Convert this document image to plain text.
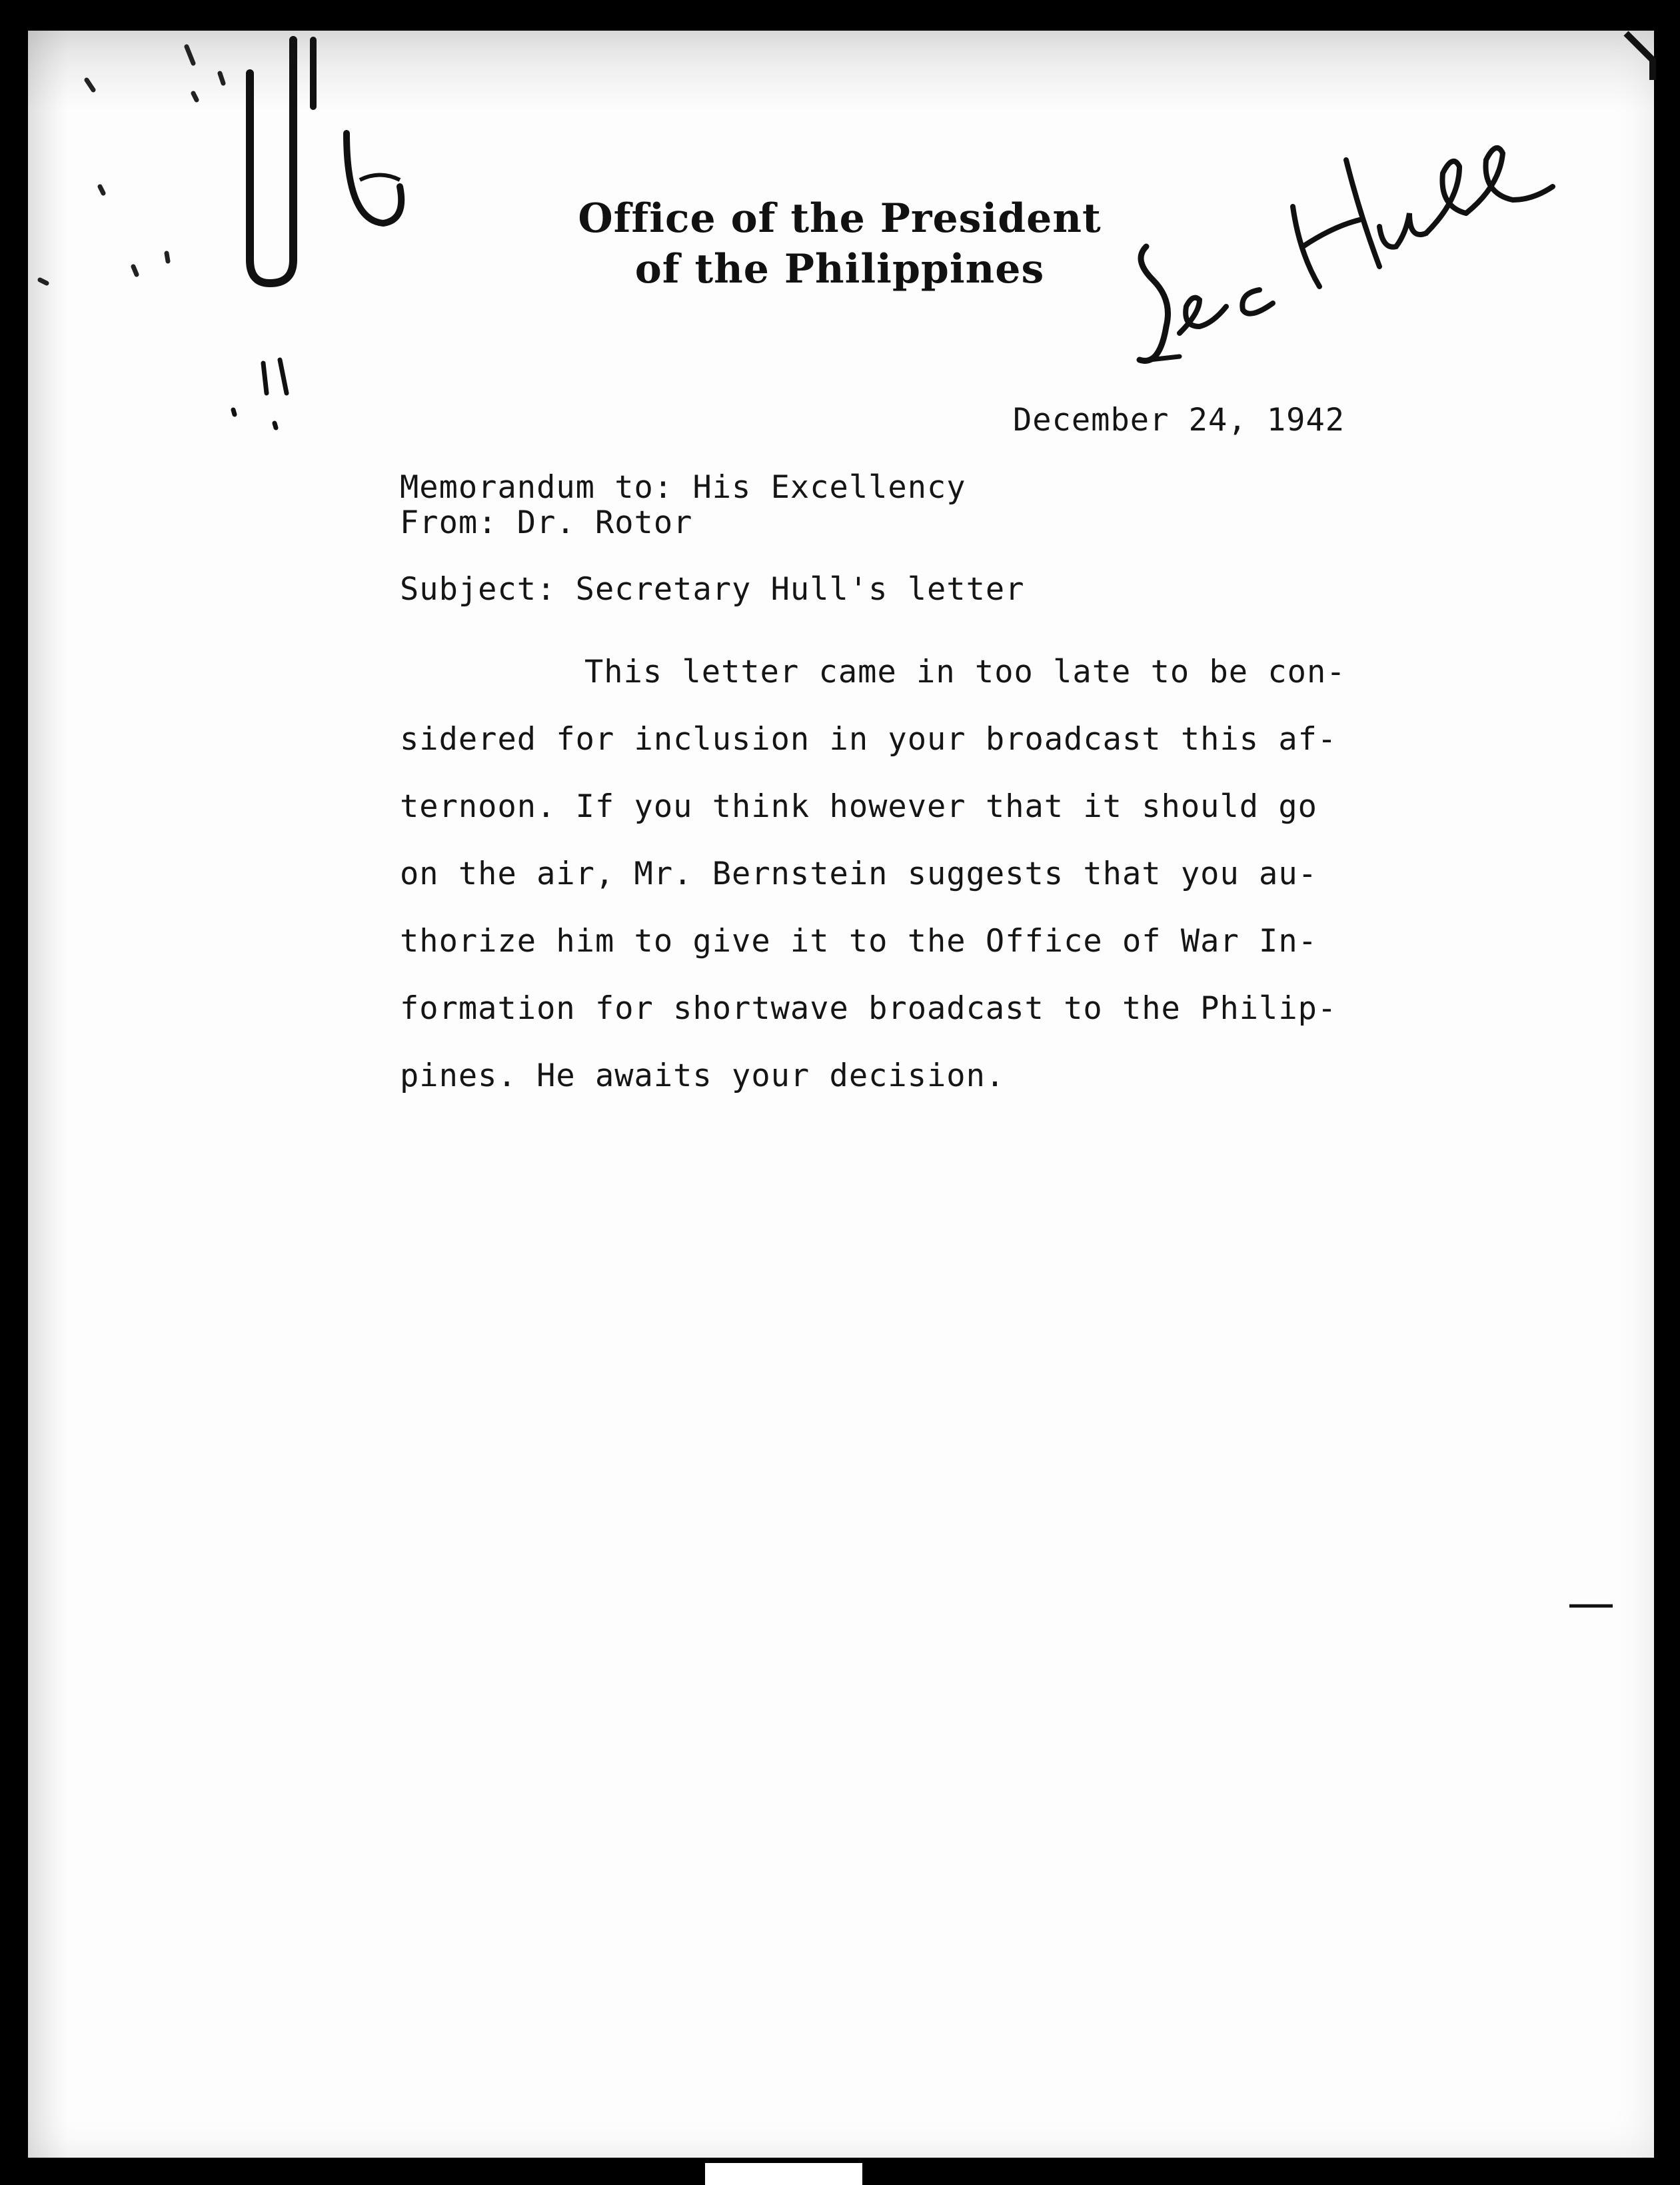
Office of the President
of the Philippines
December 24, 1942
Memorandum to: His Excellency
From: Dr. Rotor
Subject: Secretary Hull's letter
This letter came in too late to be con-
sidered for inclusion in your broadcast this af-
ternoon. If you think however that it should go
on the air, Mr. Bernstein suggests that you au-
thorize him to give it to the Office of War In-
formation for shortwave broadcast to the Philip-
pines. He awaits your decision.
